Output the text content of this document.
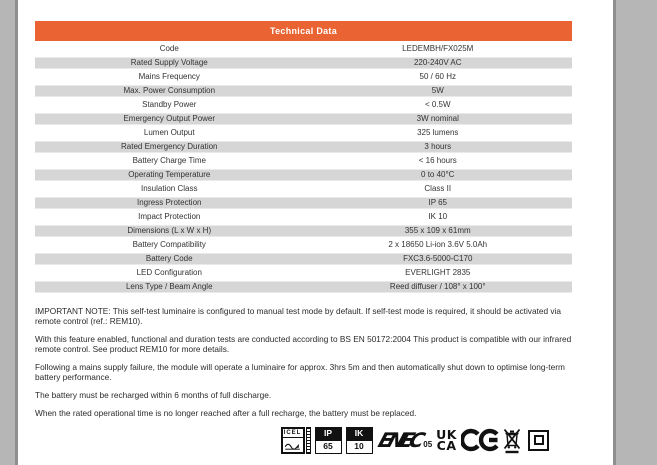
Technical Data
Code	LEDEMBH/FX025M
Rated Supply Voltage	220-240V AC
Mains Frequency	50 / 60 Hz
Max. Power Consumption	5W
Standby Power	< 0.5W
Emergency Output Power	3W nominal
Lumen Output	325 lumens
Rated Emergency Duration	3 hours
Battery Charge Time	< 16 hours
Operating Temperature	0 to 40°C
Insulation Class	Class II
Ingress Protection	IP 65
Impact Protection	IK 10
Dimensions (L x W x H)	355 x 109 x 61mm
Battery Compatibility	2 x 18650 Li-ion 3.6V 5.0Ah
Battery Code	FXC3.6-5000-C170
LED Configuration	EVERLIGHT 2835
Lens Type / Beam Angle	Reed diffuser / 108° x 100°

IMPORTANT NOTE: This self-test luminaire is configured to manual test mode by default. If self-test mode is required, it should be activated via remote control (ref.: REM10).

With this feature enabled, functional and duration tests are conducted according to BS EN 50172:2004 This product is compatible with our infrared remote control. See product REM10 for more details.

Following a mains supply failure, the module will operate a luminaire for approx. 3hrs 5m and then automatically shut down to optimise long-term battery performance.

The battery must be recharged within 6 months of full discharge.

When the rated operational time is no longer reached after a full recharge, the battery must be replaced.

ICEL	IP
65
IK
10 ENEC 05
UK
CA
